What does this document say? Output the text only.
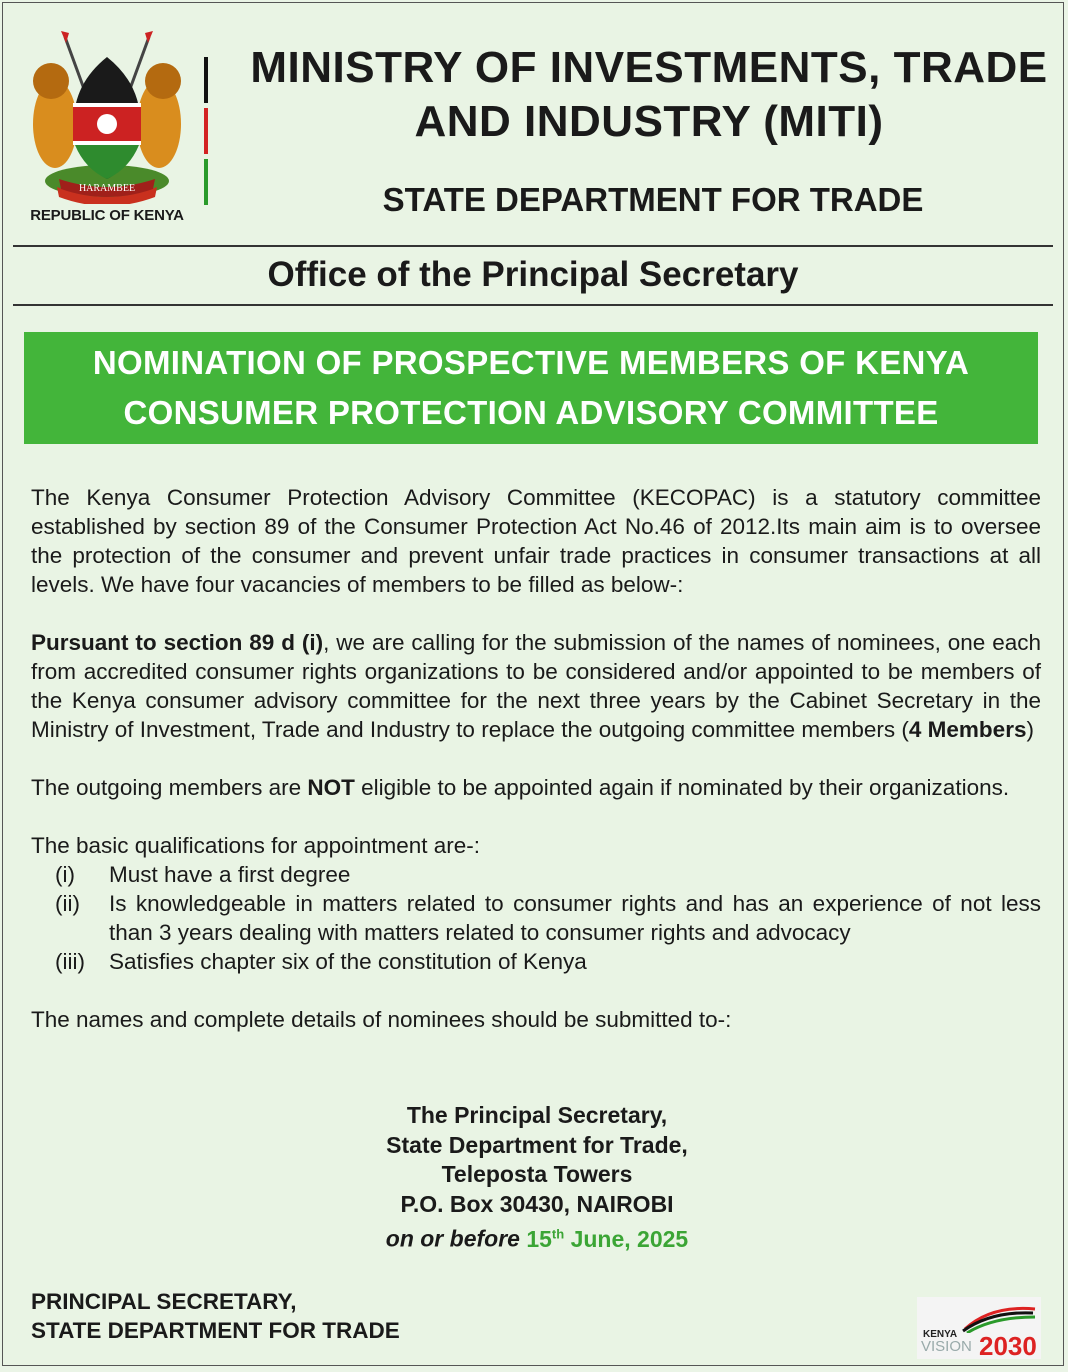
HARAMBEE
REPUBLIC OF KENYA
MINISTRY OF INVESTMENTS, TRADE
AND INDUSTRY (MITI)
STATE DEPARTMENT FOR TRADE
Office of the Principal Secretary
NOMINATION OF PROSPECTIVE MEMBERS OF KENYA
CONSUMER PROTECTION ADVISORY COMMITTEE

The Kenya Consumer Protection Advisory Committee (KECOPAC) is a statutory committee established by section 89 of the Consumer Protection Act No.46 of 2012.Its main aim is to oversee the protection of the consumer and prevent unfair trade practices in consumer transactions at all levels. We have four vacancies of members to be filled as below-:

Pursuant to section 89 d (i), we are calling for the submission of the names of nominees, one each from accredited consumer rights organizations to be considered and/or appointed to be members of the Kenya consumer advisory committee for the next three years by the Cabinet Secretary in the Ministry of Investment, Trade and Industry to replace the outgoing committee members (4 Members)

The outgoing members are NOT eligible to be appointed again if nominated by their organizations.

The basic qualifications for appointment are-:

(i)	Must have a first degree
(ii)	Is knowledgeable in matters related to consumer rights and has an experience of not less than 3 years dealing with matters related to consumer rights and advocacy
(iii)	Satisfies chapter six of the constitution of Kenya

The names and complete details of nominees should be submitted to-:

The Principal Secretary,
State Department for Trade,
Teleposta Towers
P.O. Box 30430, NAIROBI
on or before 15th June, 2025
PRINCIPAL SECRETARY,
STATE DEPARTMENT FOR TRADE	KENYA
VISION 2030
